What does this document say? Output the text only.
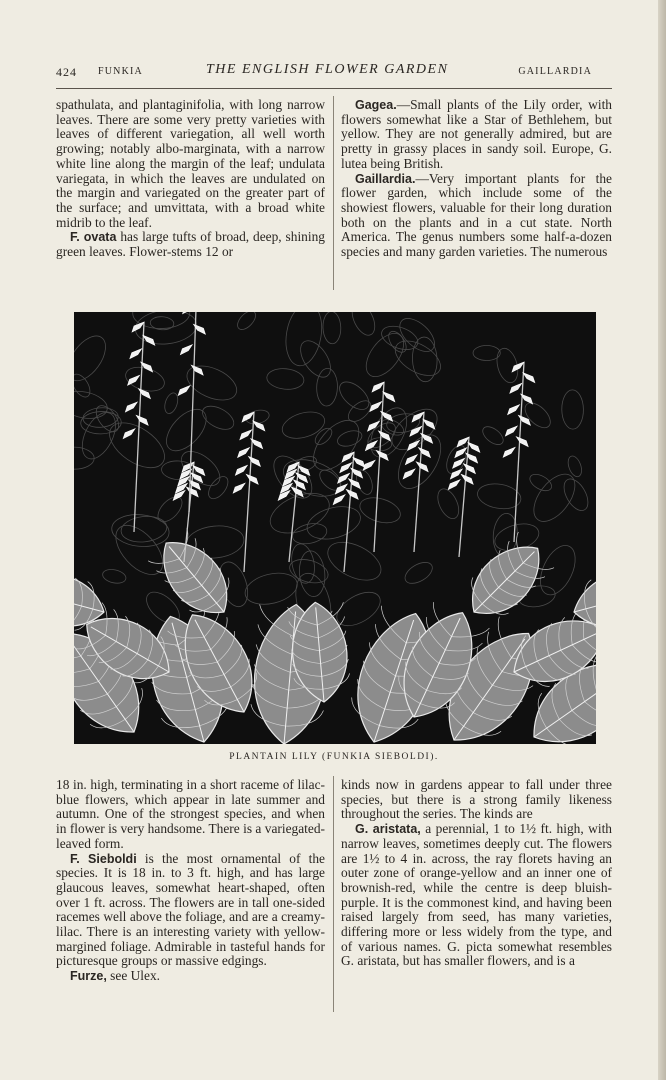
424 FUNKIA	THE ENGLISH FLOWER GARDEN	GAILLARDIA

spathulata, and plantaginifolia, with long narrow leaves. There are some very pretty varieties with leaves of different variegation, all well worth growing; notably albo-marginata, with a narrow white line along the margin of the leaf; undulata variegata, in which the leaves are undulated on the margin and variegated on the greater part of the surface; and umvittata, with a broad white midrib to the leaf.

F. ovata has large tufts of broad, deep, shining green leaves. Flower-stems 12 or

Gagea.—Small plants of the Lily order, with flowers somewhat like a Star of Bethlehem, but yellow. They are not generally admired, but are pretty in grassy places in sandy soil. Europe, G. lutea being British.

Gaillardia.—Very important plants for the flower garden, which include some of the showiest flowers, valuable for their long duration both on the plants and in a cut state. North America. The genus numbers some half-a-dozen species and many garden varieties. The numerous

PLANTAIN LILY (FUNKIA SIEBOLDI).

18 in. high, terminating in a short raceme of lilac-blue flowers, which appear in late summer and autumn. One of the strongest species, and when in flower is very handsome. There is a variegated-leaved form.

F. Sieboldi is the most ornamental of the species. It is 18 in. to 3 ft. high, and has large glaucous leaves, somewhat heart-shaped, often over 1 ft. across. The flowers are in tall one-sided racemes well above the foliage, and are a creamy-lilac. There is an interesting variety with yellow-margined foliage. Admirable in tasteful hands for picturesque groups or massive edgings.

Furze, see Ulex.

kinds now in gardens appear to fall under three species, but there is a strong family likeness throughout the series. The kinds are

G. aristata, a perennial, 1 to 1½ ft. high, with narrow leaves, sometimes deeply cut. The flowers are 1½ to 4 in. across, the ray florets having an outer zone of orange-yellow and an inner one of brownish-red, while the centre is deep bluish-purple. It is the commonest kind, and having been raised largely from seed, has many varieties, differing more or less widely from the type, and of various names. G. picta somewhat resembles G. aristata, but has smaller flowers, and is a
